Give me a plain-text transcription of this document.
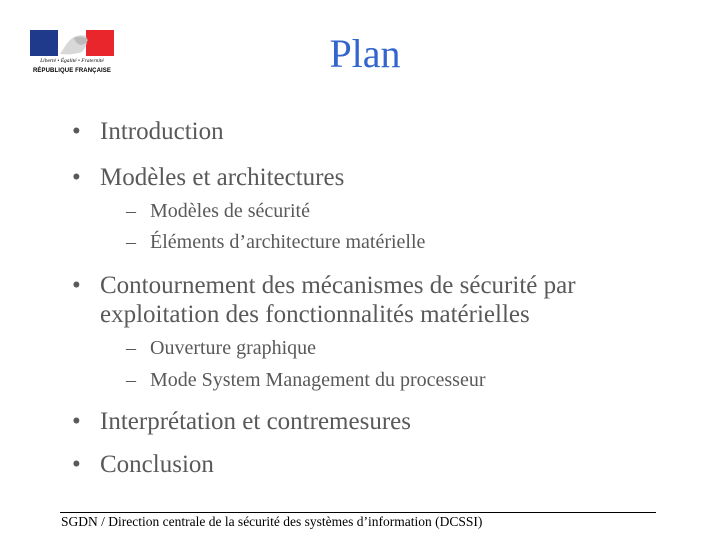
Liberté • Égalité • Fraternité
RÉPUBLIQUE FRANÇAISE	Plan
• Introduction
• Modèles et architectures
– Modèles de sécurité
– Éléments d’architecture matérielle
• Contournement des mécanismes de sécurité par
exploitation des fonctionnalités matérielles
– Ouverture graphique
– Mode System Management du processeur
• Interprétation et contremesures
• Conclusion
SGDN / Direction centrale de la sécurité des systèmes d’information (DCSSI)
